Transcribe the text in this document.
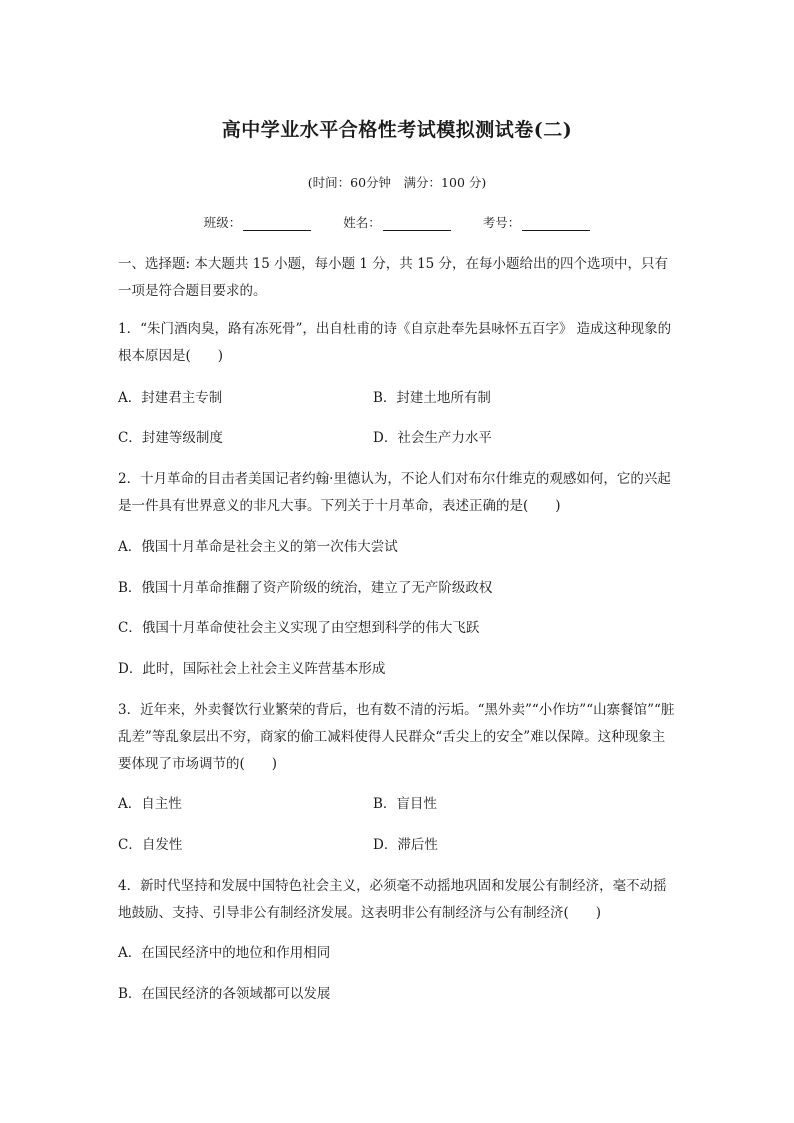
高中学业水平合格性考试模拟测试卷(二)
(时间：60分钟　满分：100 分)
班级：	姓名：	考号：
一、选择题: 本大题共 15 小题，每小题 1 分，共 15 分，在每小题给出的四个选项中，只有一项是符合题目要求的。
1．“朱门酒肉臭，路有冻死骨”，出自杜甫的诗《自京赴奉先县咏怀五百字》 造成这种现象的根本原因是(　　)
A．封建君主专制	B．封建土地所有制
C．封建等级制度	D．社会生产力水平
2．十月革命的目击者美国记者约翰·里德认为，不论人们对布尔什维克的观感如何，它的兴起是一件具有世界意义的非凡大事。下列关于十月革命，表述正确的是(　　)
A．俄国十月革命是社会主义的第一次伟大尝试
B．俄国十月革命推翻了资产阶级的统治，建立了无产阶级政权
C．俄国十月革命使社会主义实现了由空想到科学的伟大飞跃
D．此时，国际社会上社会主义阵营基本形成
3．近年来，外卖餐饮行业繁荣的背后，也有数不清的污垢。“黑外卖”“小作坊”“山寨餐馆”“脏乱差”等乱象层出不穷，商家的偷工减料使得人民群众“舌尖上的安全”难以保障。这种现象主要体现了市场调节的(　　)
A．自主性	B．盲目性
C．自发性	D．滞后性
4．新时代坚持和发展中国特色社会主义，必须毫不动摇地巩固和发展公有制经济，毫不动摇地鼓励、支持、引导非公有制经济发展。这表明非公有制经济与公有制经济(　　)
A．在国民经济中的地位和作用相同
B．在国民经济的各领域都可以发展
